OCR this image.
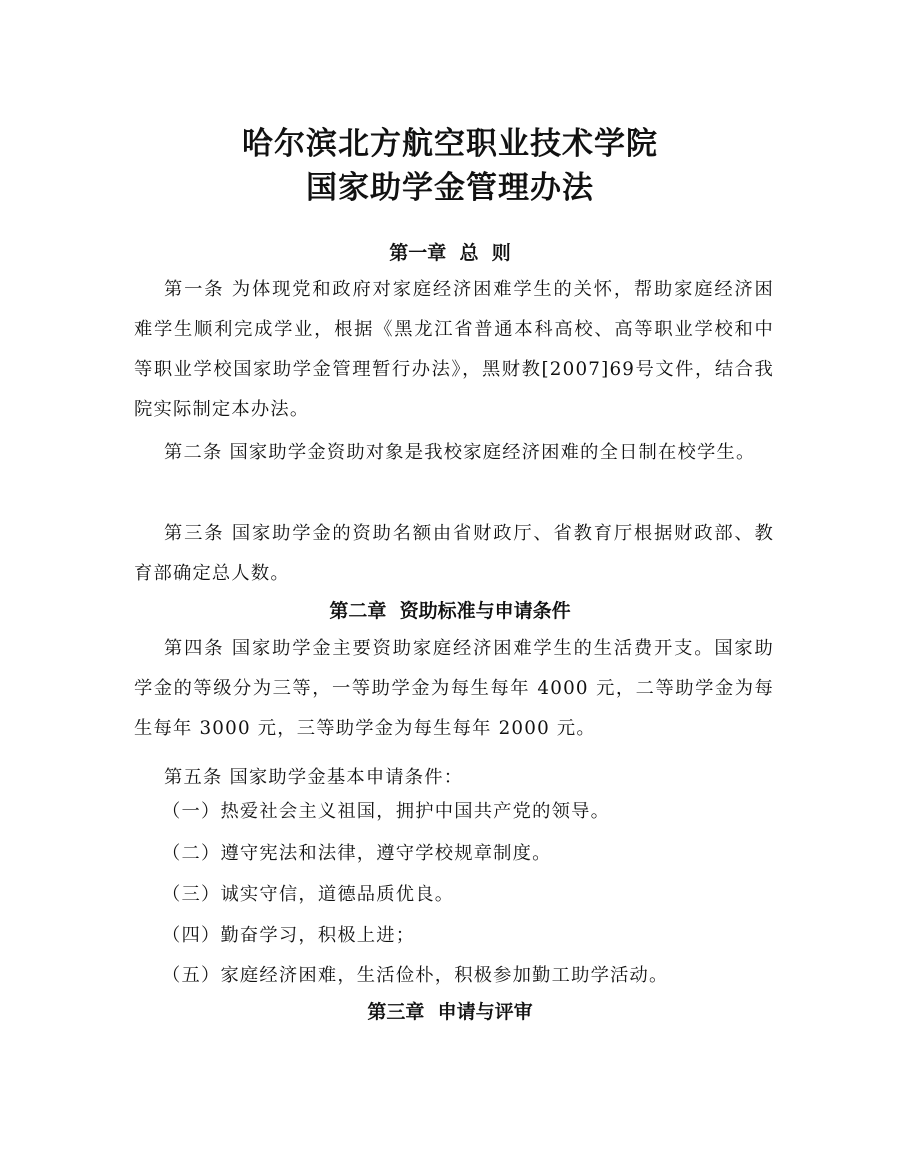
哈尔滨北方航空职业技术学院
国家助学金管理办法
第一章  总  则
第一条 为体现党和政府对家庭经济困难学生的关怀，帮助家庭经济困难学生顺利完成学业，根据《黑龙江省普通本科高校、高等职业学校和中等职业学校国家助学金管理暂行办法》，黑财教[2007]69号文件，结合我院实际制定本办法。
第二条 国家助学金资助对象是我校家庭经济困难的全日制在校学生。
第三条 国家助学金的资助名额由省财政厅、省教育厅根据财政部、教育部确定总人数。
第二章  资助标准与申请条件
第四条 国家助学金主要资助家庭经济困难学生的生活费开支。国家助学金的等级分为三等，一等助学金为每生每年 4000 元，二等助学金为每生每年 3000 元，三等助学金为每生每年 2000 元。
第五条 国家助学金基本申请条件：
（一）热爱社会主义祖国，拥护中国共产党的领导。
（二）遵守宪法和法律，遵守学校规章制度。
（三）诚实守信，道德品质优良。
（四）勤奋学习，积极上进；
（五）家庭经济困难，生活俭朴，积极参加勤工助学活动。
第三章  申请与评审
